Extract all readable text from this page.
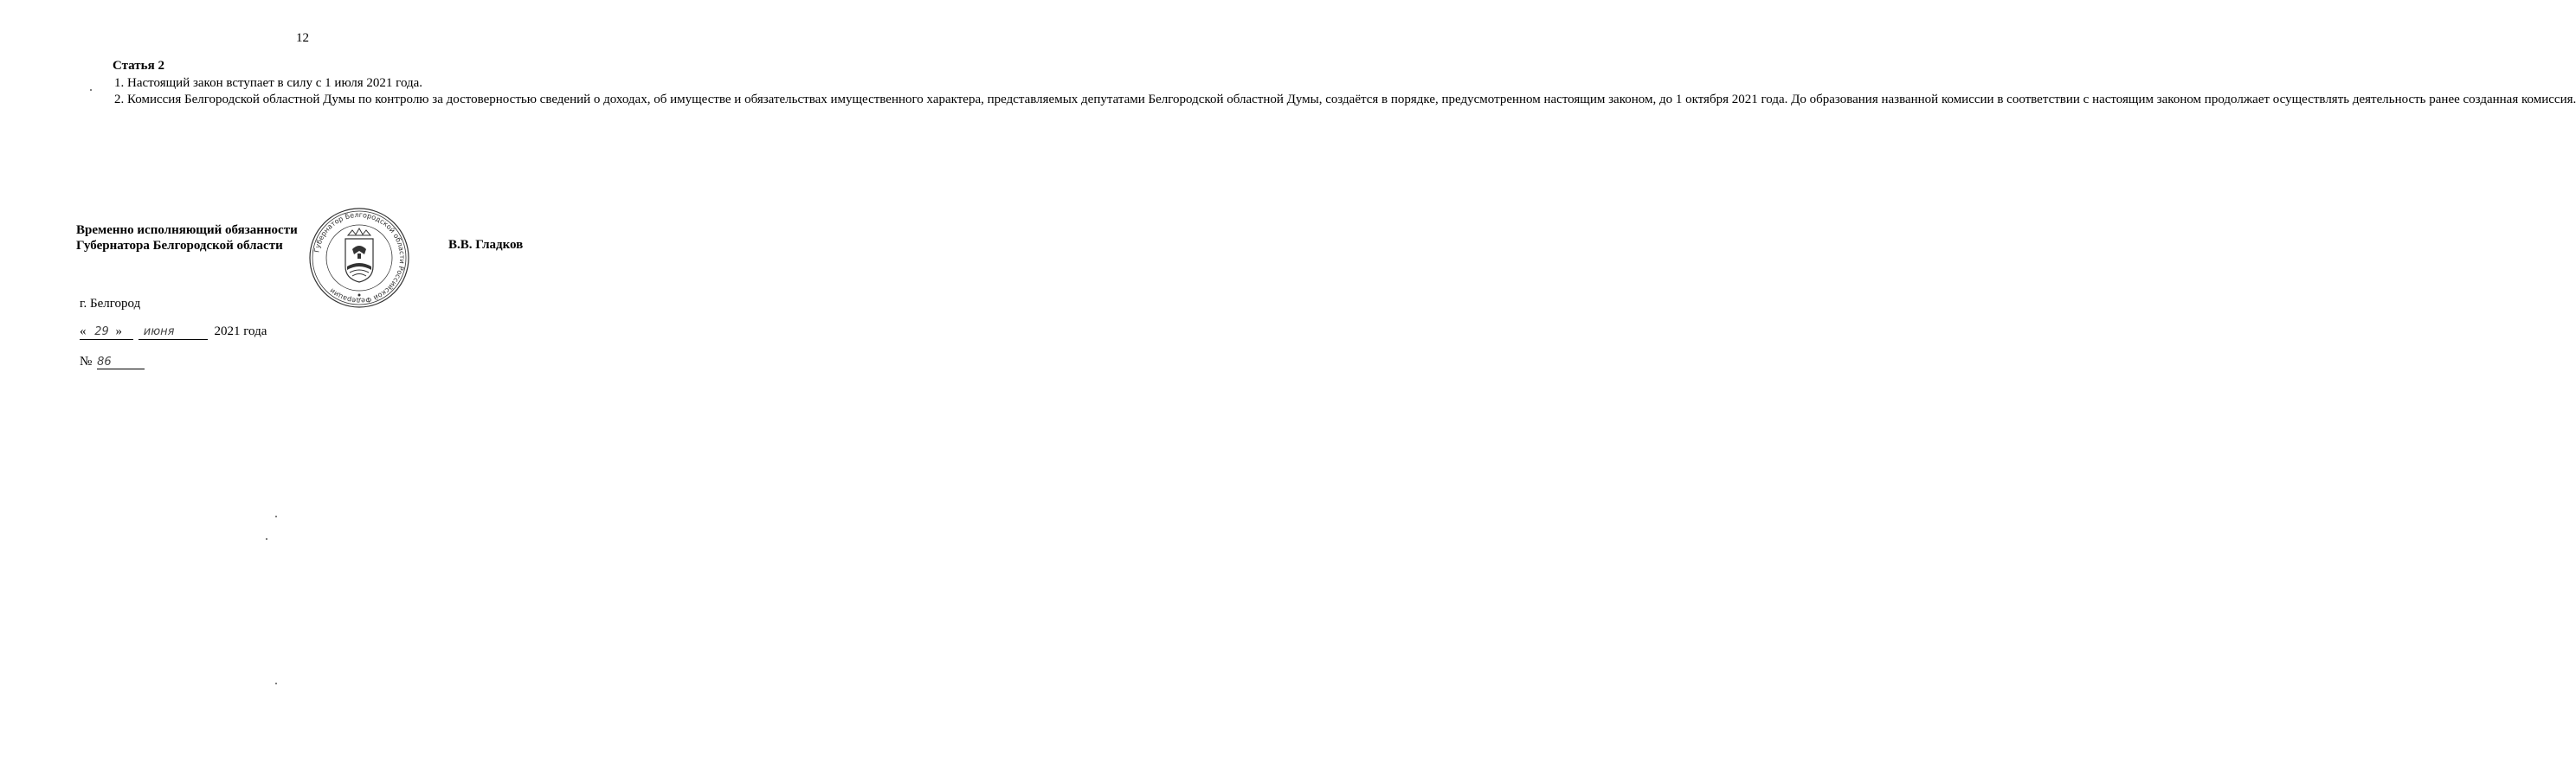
12
Статья 2

1. Настоящий закон вступает в силу с 1 июля 2021 года.

2. Комиссия Белгородской областной Думы по контролю за достоверностью сведений о доходах, об имуществе и обязательствах имущественного характера, представляемых депутатами Белгородской областной Думы, создаётся в порядке, предусмотренном настоящим законом, до 1 октября 2021 года. До образования названной комиссии в соответствии с настоящим законом продолжает осуществлять деятельность ранее созданная комиссия.

Временно исполняющий обязанности
Губернатора Белгородской области	Губернатор Белгородской области Российской Федерации
В.В. Гладков
г. Белгород
« 29 » июня	2021 года
№ 86
